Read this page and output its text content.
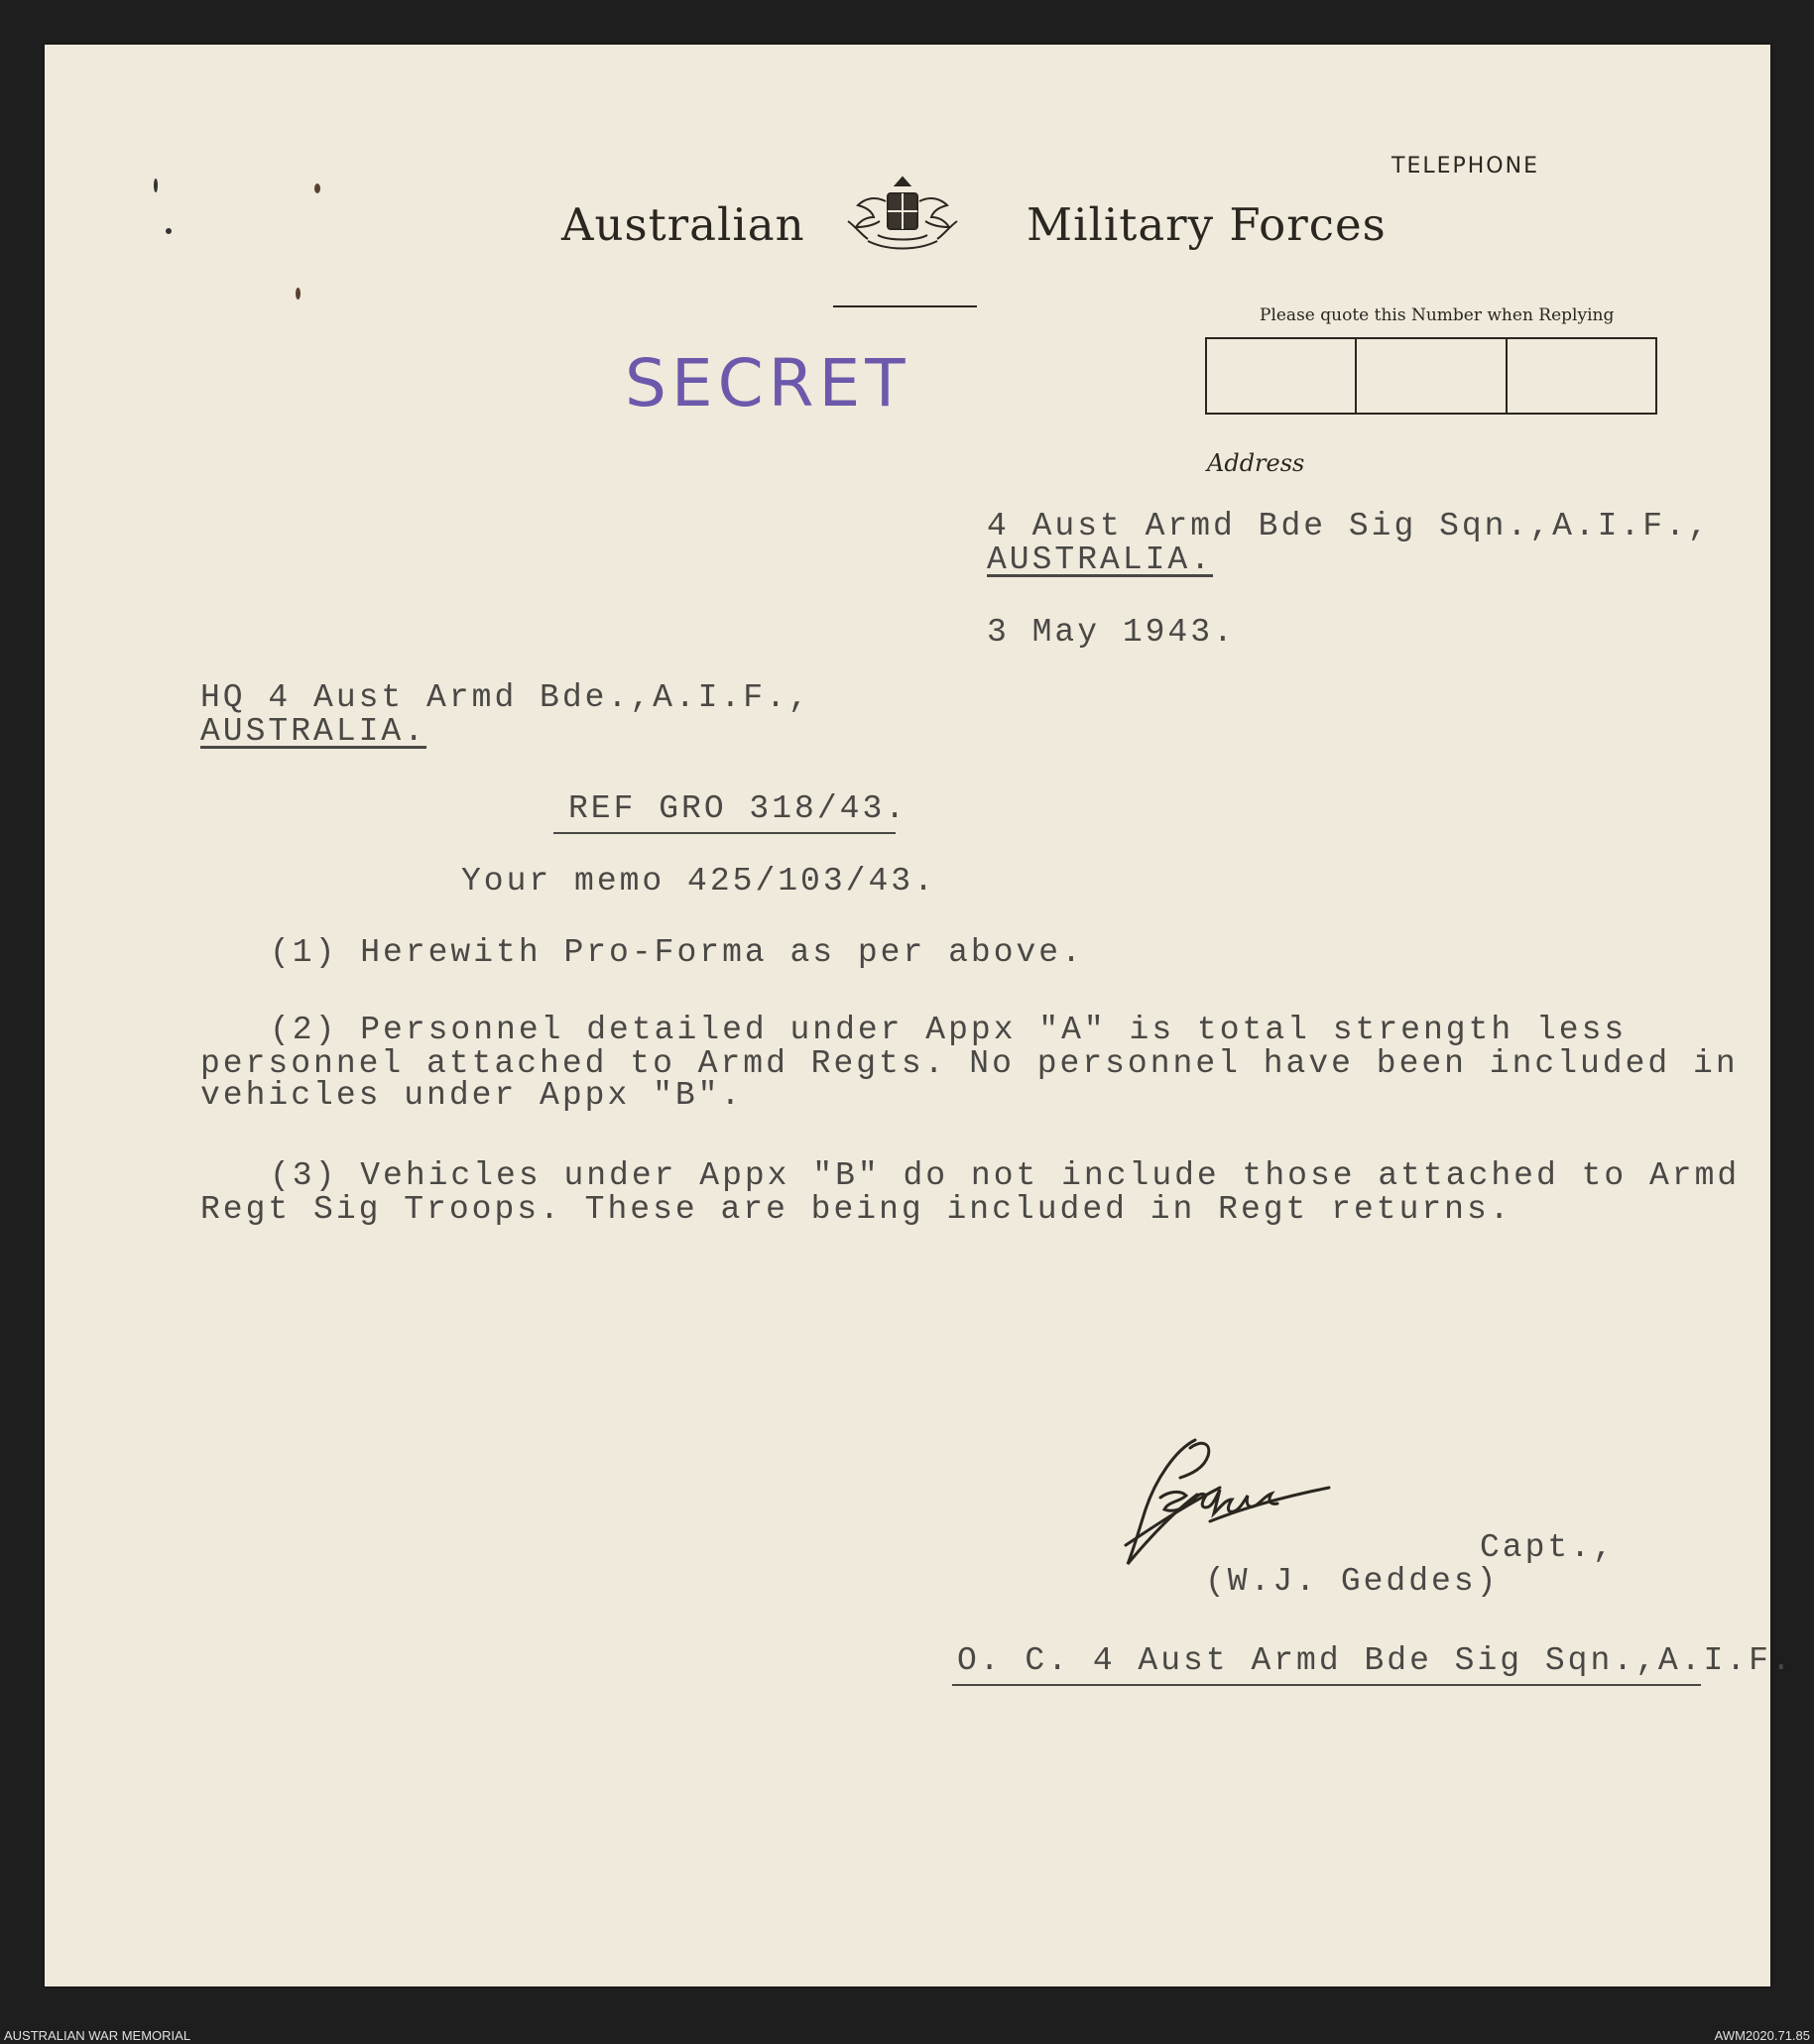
TELEPHONE
Australian	Military Forces
SECRET
Please quote this Number when Replying
Address
4 Aust Armd Bde Sig Sqn.,A.I.F.,
AUSTRALIA.
3 May 1943.
HQ 4 Aust Armd Bde.,A.I.F.,
AUSTRALIA.
REF GRO 318/43.
Your memo 425/103/43.
(1) Herewith Pro-Forma as per above.
(2) Personnel detailed under Appx "A" is total strength less
personnel attached to Armd Regts. No personnel have been included in
vehicles under Appx "B".
(3) Vehicles under Appx "B" do not include those attached to Armd
Regt Sig Troops. These are being included in Regt returns.
Capt.,
(W.J. Geddes)
O. C. 4 Aust Armd Bde Sig Sqn.,A.I.F.
AUSTRALIAN WAR MEMORIAL	AWM2020.71.85
